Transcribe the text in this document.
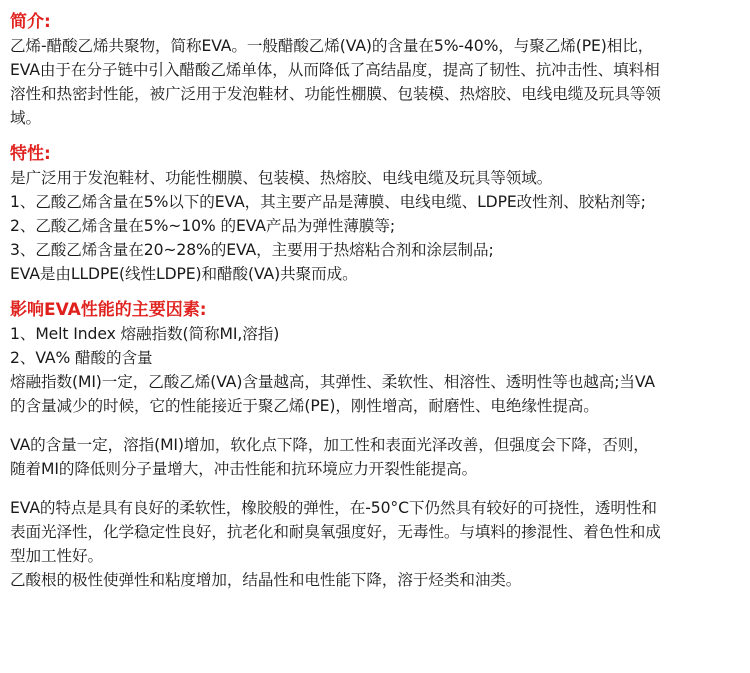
简介:
乙烯-醋酸乙烯共聚物，简称EVA。一般醋酸乙烯(VA)的含量在5%-40%，与聚乙烯(PE)相比，
EVA由于在分子链中引入醋酸乙烯单体，从而降低了高结晶度，提高了韧性、抗冲击性、填料相
溶性和热密封性能，被广泛用于发泡鞋材、功能性棚膜、包装模、热熔胶、电线电缆及玩具等领
域。
特性:
是广泛用于发泡鞋材、功能性棚膜、包装模、热熔胶、电线电缆及玩具等领域。
1、乙酸乙烯含量在5%以下的EVA，其主要产品是薄膜、电线电缆、LDPE改性剂、胶粘剂等;
2、乙酸乙烯含量在5%~10% 的EVA产品为弹性薄膜等;
3、乙酸乙烯含量在20~28%的EVA，主要用于热熔粘合剂和涂层制品;
EVA是由LLDPE(线性LDPE)和醋酸(VA)共聚而成。
影响EVA性能的主要因素:
1、Melt Index 熔融指数(简称MI,溶指)
2、VA% 醋酸的含量
熔融指数(MI)一定，乙酸乙烯(VA)含量越高，其弹性、柔软性、相溶性、透明性等也越高;当VA
的含量减少的时候，它的性能接近于聚乙烯(PE)，刚性增高，耐磨性、电绝缘性提高。
VA的含量一定，溶指(MI)增加，软化点下降，加工性和表面光泽改善，但强度会下降，否则，
随着MI的降低则分子量增大，冲击性能和抗环境应力开裂性能提高。
EVA的特点是具有良好的柔软性，橡胶般的弹性，在-50°C下仍然具有较好的可挠性，透明性和
表面光泽性，化学稳定性良好，抗老化和耐臭氧强度好，无毒性。与填料的掺混性、着色性和成
型加工性好。
乙酸根的极性使弹性和粘度增加，结晶性和电性能下降，溶于烃类和油类。
